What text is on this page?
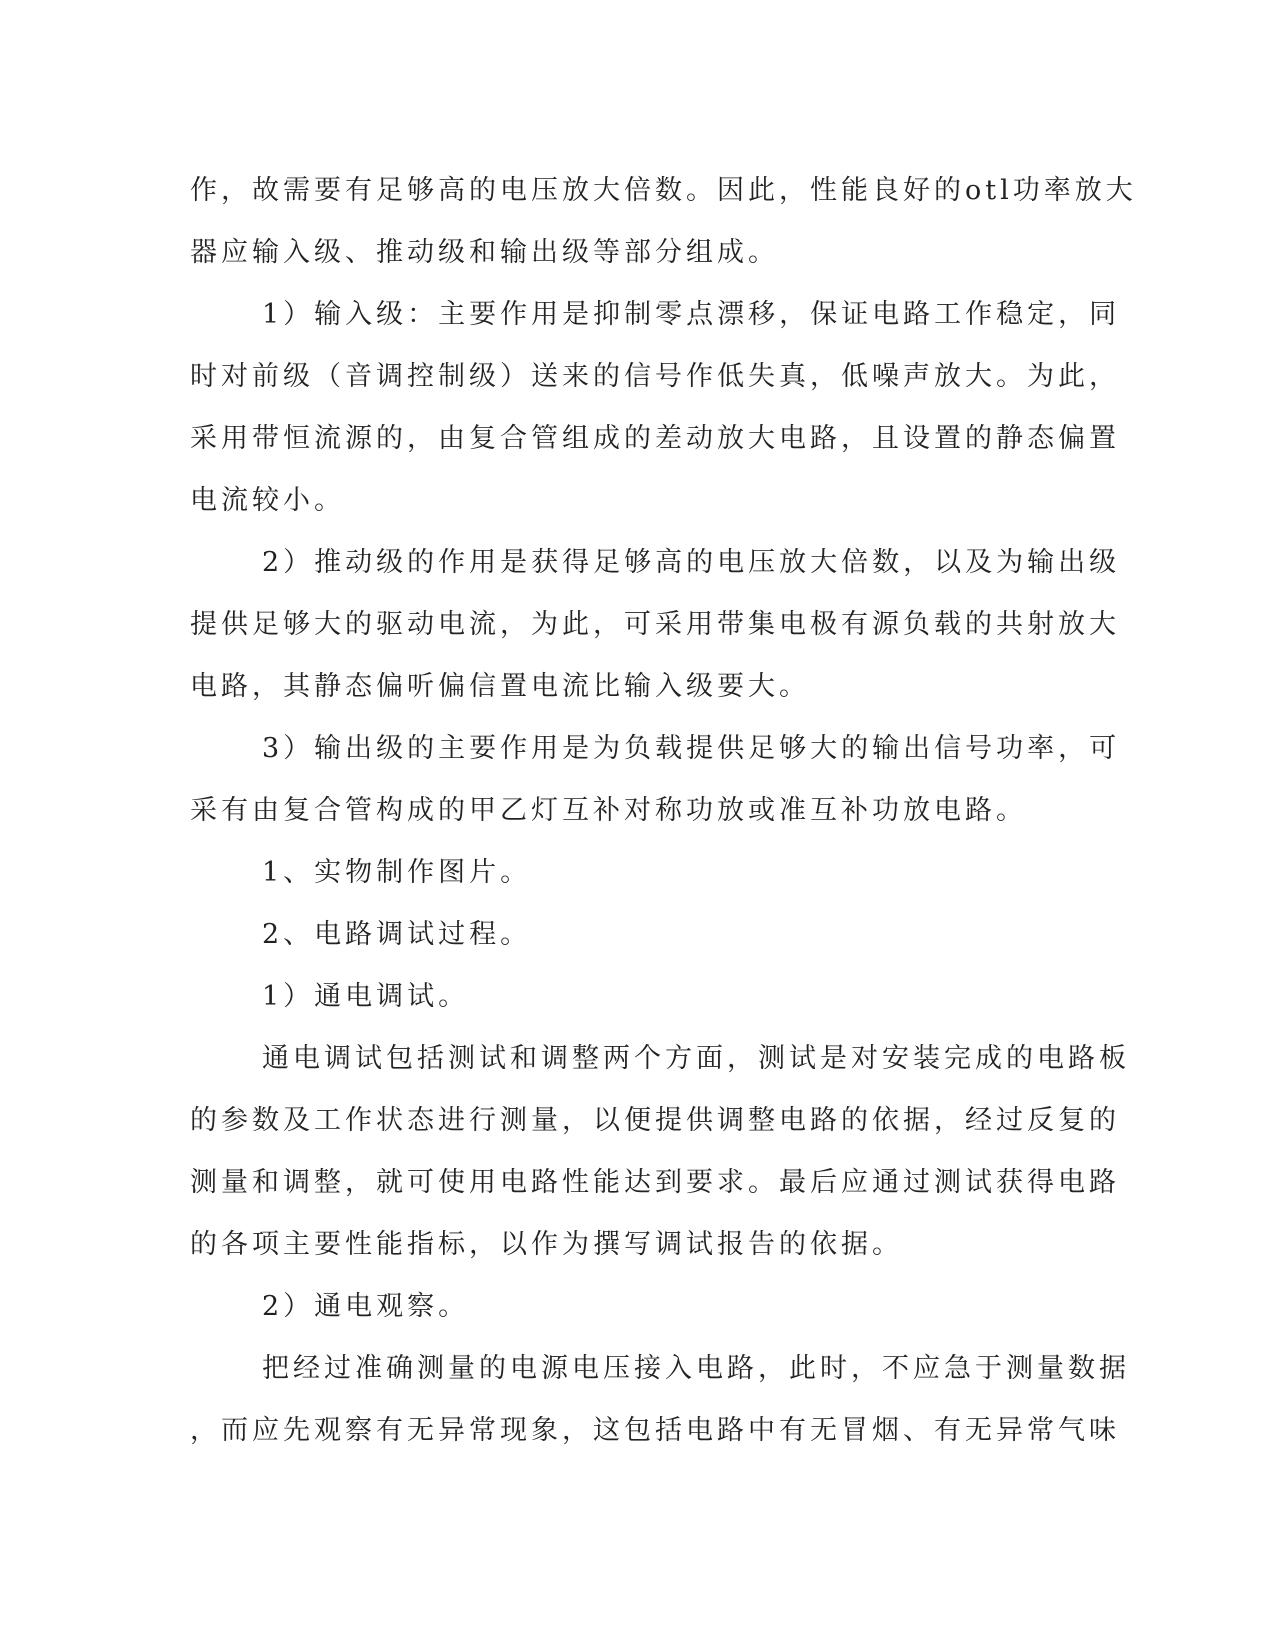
作，故需要有足够高的电压放大倍数。因此，性能良好的otl功率放大
器应输入级、推动级和输出级等部分组成。
1）输入级：主要作用是抑制零点漂移，保证电路工作稳定，同
时对前级（音调控制级）送来的信号作低失真，低噪声放大。为此，
采用带恒流源的，由复合管组成的差动放大电路，且设置的静态偏置
电流较小。
2）推动级的作用是获得足够高的电压放大倍数，以及为输出级
提供足够大的驱动电流，为此，可采用带集电极有源负载的共射放大
电路，其静态偏听偏信置电流比输入级要大。
3）输出级的主要作用是为负载提供足够大的输出信号功率，可
采有由复合管构成的甲乙灯互补对称功放或准互补功放电路。
1、实物制作图片。
2、电路调试过程。
1）通电调试。
通电调试包括测试和调整两个方面，测试是对安装完成的电路板
的参数及工作状态进行测量，以便提供调整电路的依据，经过反复的
测量和调整，就可使用电路性能达到要求。最后应通过测试获得电路
的各项主要性能指标，以作为撰写调试报告的依据。
2）通电观察。
把经过准确测量的电源电压接入电路，此时，不应急于测量数据
，而应先观察有无异常现象，这包括电路中有无冒烟、有无异常气味
